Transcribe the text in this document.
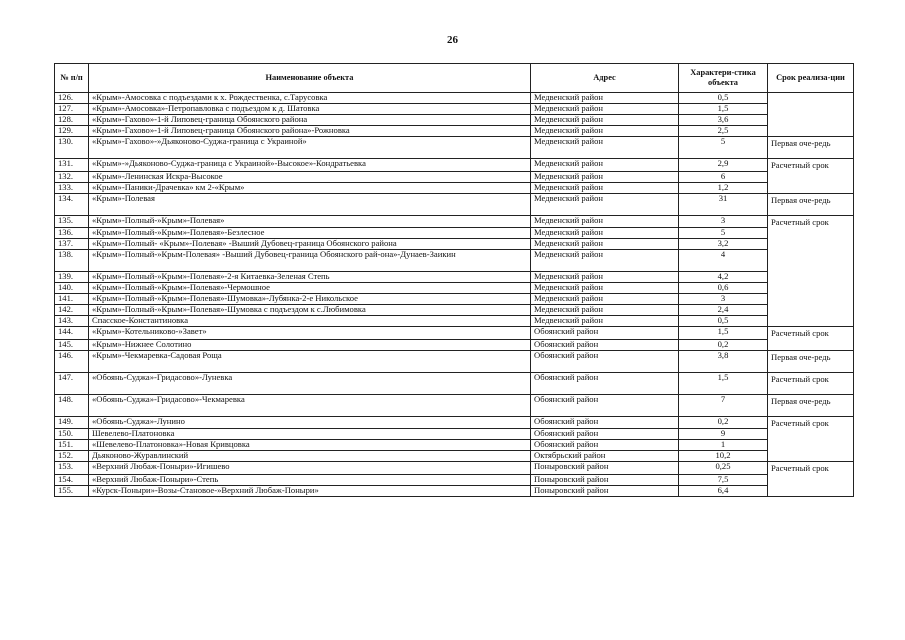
26
№ п/п	Наименование объекта	Адрес	Характери-стика объекта	Срок реализа-ции
126.	«Крым»-Амосовка с подъездами к х. Рождественка, с.Тарусовка	Медвенский район	0,5	
127.	«Крым»-Амосовка»-Петропавловка с подъездом к д. Шатовка	Медвенский район	1,5	
128.	«Крым»-Гахово»-1-й Липовец-граница Обоянского района	Медвенский район	3,6	
129.	«Крым»-Гахово»-1-й Липовец-граница Обоянского района»-Рожновка	Медвенский район	2,5	
130.	«Крым»-Гахово»-»Дьяконово-Суджа-граница с Украиной»	Медвенский район	5	Первая оче-редь
131.	«Крым»-»Дьяконово-Суджа-граница с Украиной»-Высокое»-Кондратьевка	Медвенский район	2,9	Расчетный срок
132.	«Крым»-Ленинская Искра-Высокое	Медвенский район	6	
133.	«Крым»-Паники-Драчевка» км 2-«Крым»	Медвенский район	1,2	
134.	«Крым»-Полевая	Медвенский район	31	Первая оче-редь
135.	«Крым»-Полный-»Крым»-Полевая»	Медвенский район	3	Расчетный срок
136.	«Крым»-Полный-»Крым»-Полевая»-Безлесное	Медвенский район	5	
137.	«Крым»-Полный- «Крым»-Полевая» -Выший Дубовец-граница Обоянского района	Медвенский район	3,2	
138.	«Крым»-Полный-»Крым-Полевая» -Выший Дубовец-граница Обоянского рай-она»-Дунаев-Заикин	Медвенский район	4	
139.	«Крым»-Полный-»Крым»-Полевая»-2-я Китаевка-Зеленая Степь	Медвенский район	4,2	
140.	«Крым»-Полный-»Крым»-Полевая»-Чермошное	Медвенский район	0,6	
141.	«Крым»-Полный-»Крым»-Полевая»-Шумовка»-Лубянка-2-е Никольское	Медвенский район	3	
142.	«Крым»-Полный-»Крым»-Полевая»-Шумовка с подъездом к с.Любимовка	Медвенский район	2,4	
143.	Спасское-Константиновка	Медвенский район	0,5	
144.	«Крым»-Котельниково-»Завет»	Обоянский район	1,5	Расчетный срок
145.	«Крым»-Нижнее Солотино	Обоянский район	0,2	
146.	«Крым»-Чекмаревка-Садовая Роща	Обоянский район	3,8	Первая оче-редь
147.	«Обоянь-Суджа»-Гридасово»-Луневка	Обоянский район	1,5	Расчетный срок
148.	«Обоянь-Суджа»-Гридасово»-Чекмаревка	Обоянский район	7	Первая оче-редь
149.	«Обоянь-Суджа»-Лунино	Обоянский район	0,2	Расчетный срок
150.	Шевелево-Платоновка	Обоянский район	9	
151.	«Шевелево-Платоновка»-Новая Кривцовка	Обоянский район	1	
152.	Дьяконово-Журавлинский	Октябрьский район	10,2	
153.	«Верхний Любаж-Поныри»-Игишево	Поныровский район	0,25	Расчетный срок
154.	«Верхний Любаж-Поныри»-Степь	Поныровский район	7,5	
155.	«Курск-Поныри»-Возы-Становое-»Верхний Любаж-Поныри»	Поныровский район	6,4	
